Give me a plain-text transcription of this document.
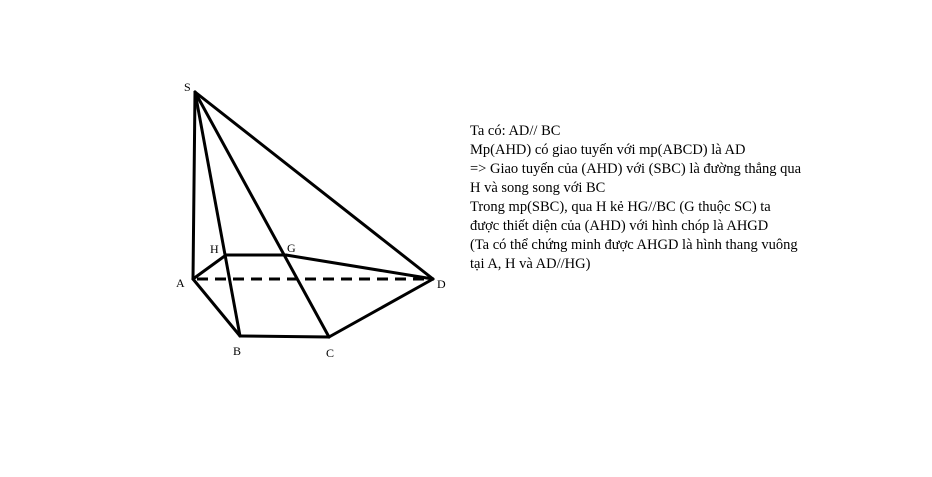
S
A
B	C
D
H	G

Ta có: AD// BC

Mp(AHD) có giao tuyến với mp(ABCD) là AD

=> Giao tuyến của (AHD) với (SBC) là đường thẳng qua

H và song song với BC

Trong mp(SBC), qua H kẻ HG//BC (G thuộc SC) ta

được thiết diện của (AHD) với hình chóp là AHGD

(Ta có thể chứng minh được AHGD là hình thang vuông

tại A, H và AD//HG)
